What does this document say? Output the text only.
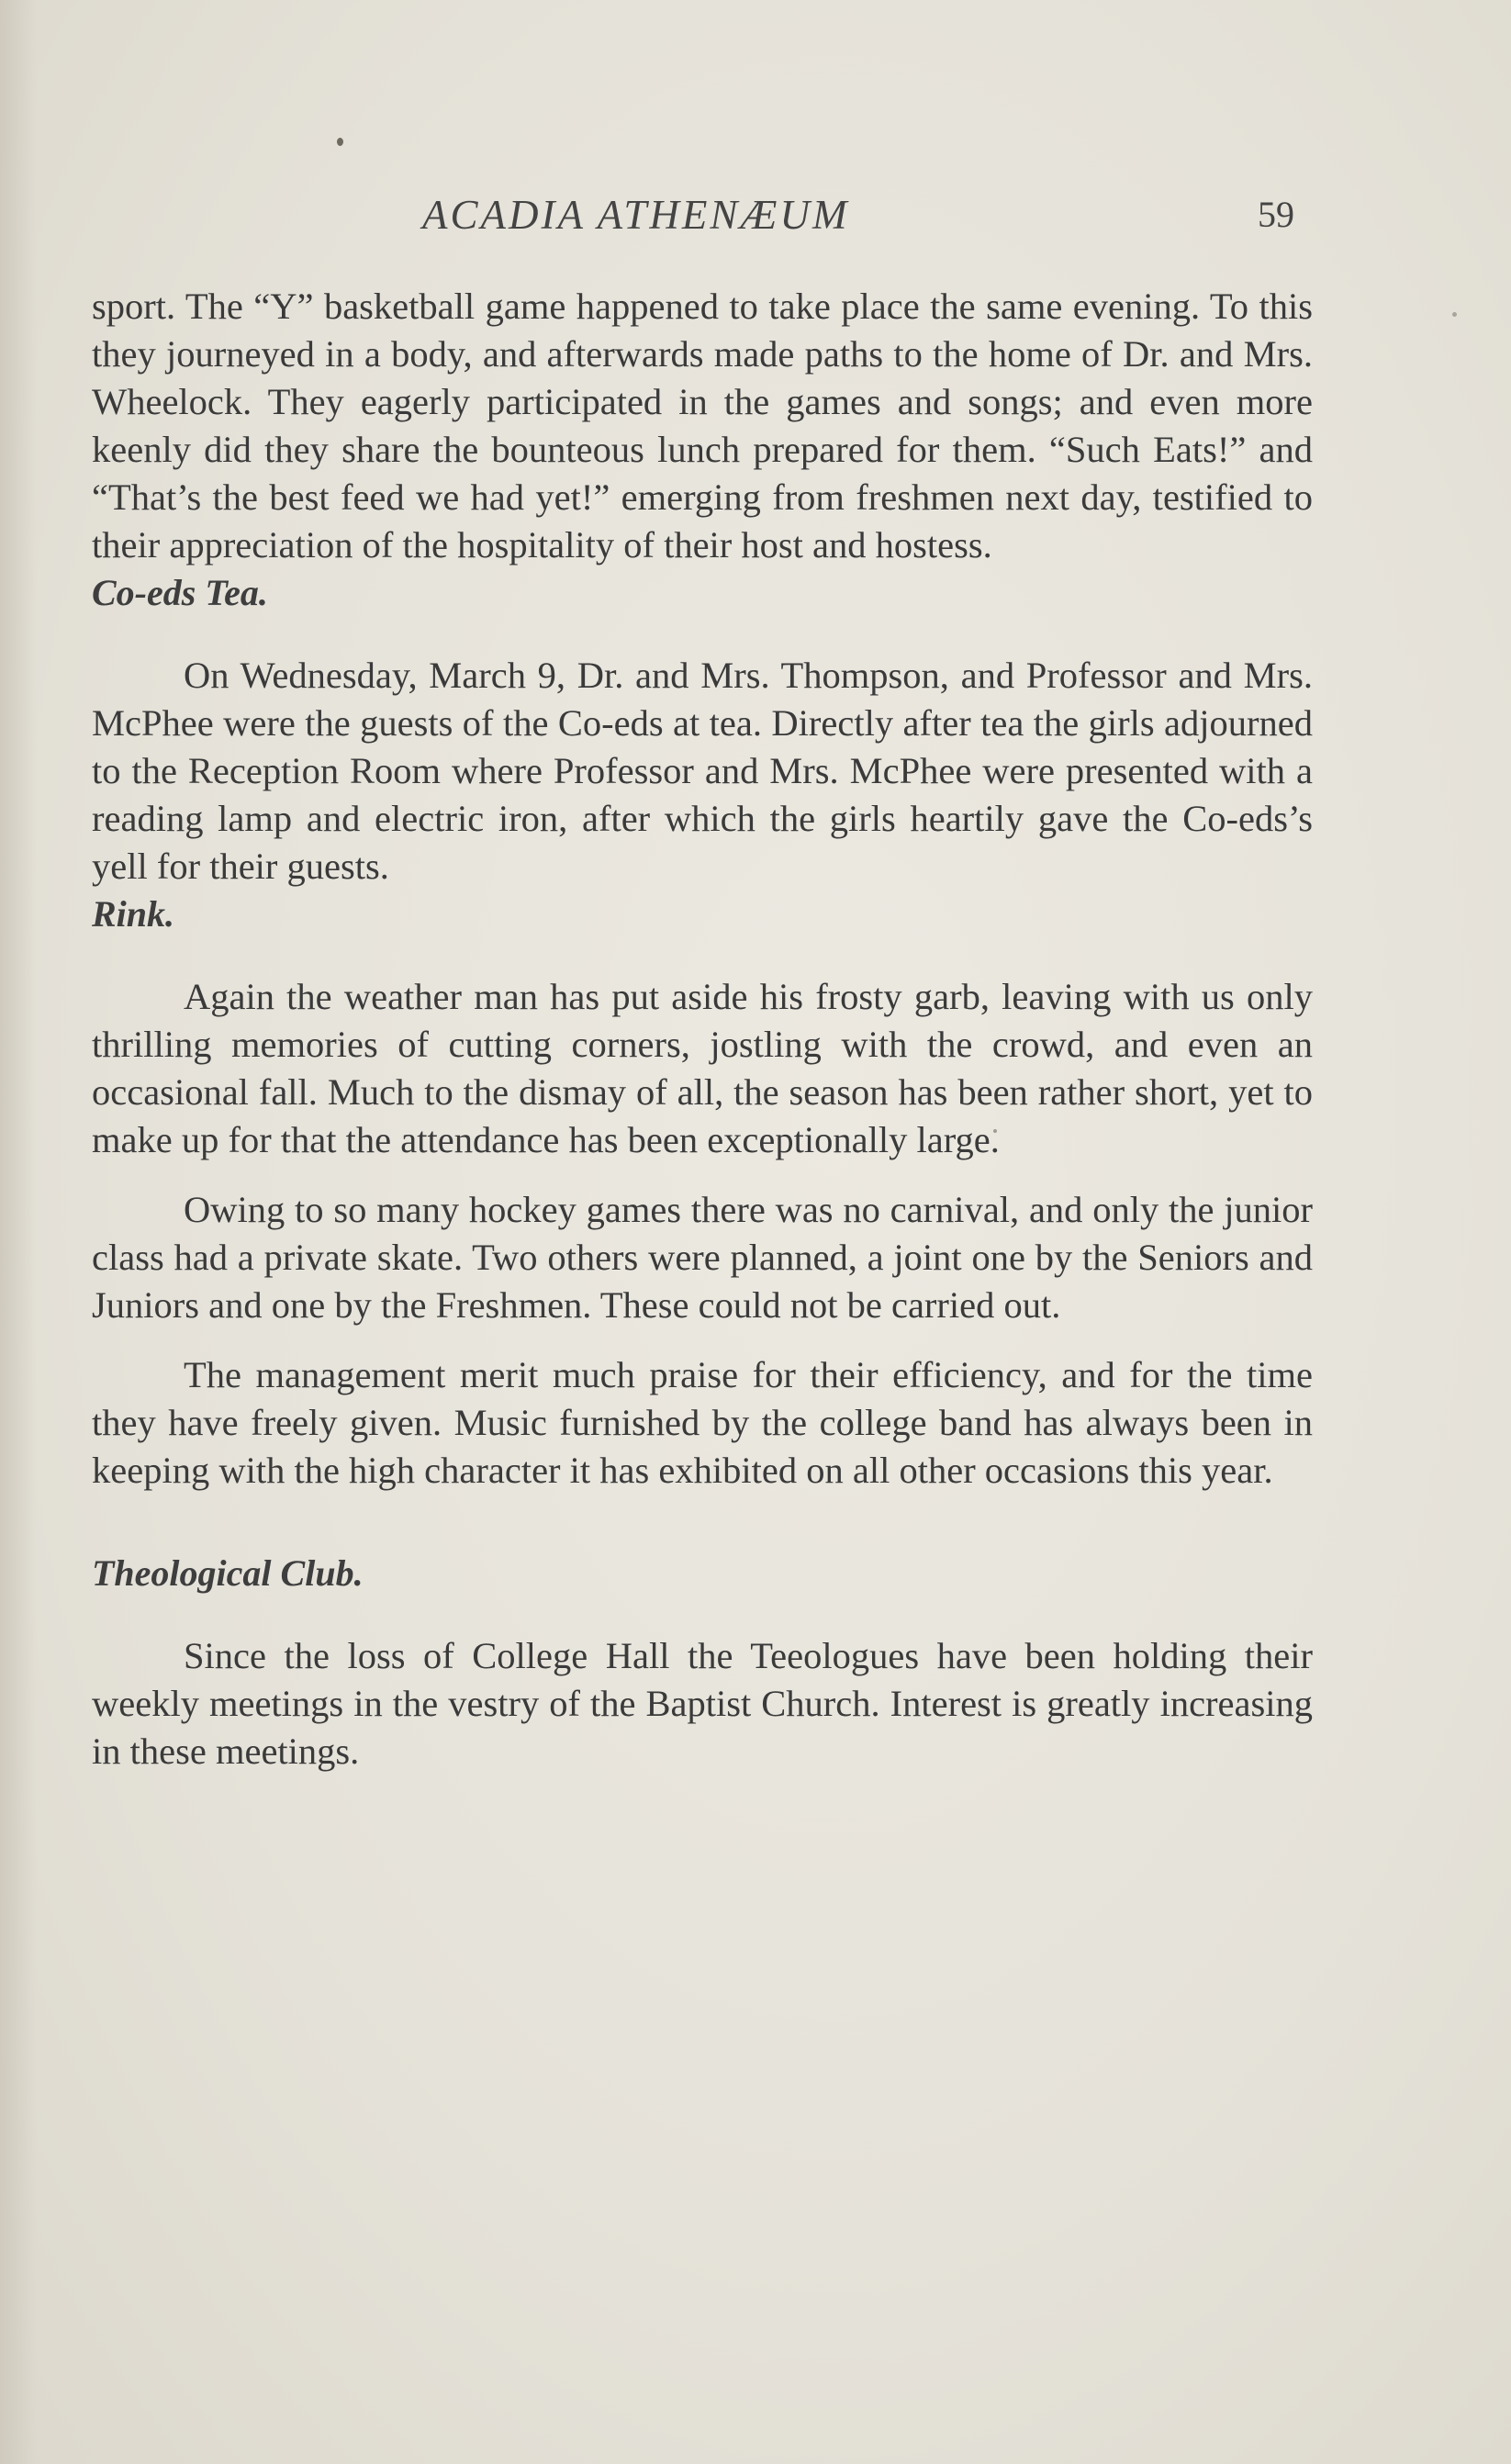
ACADIA ATHENÆUM	59

sport. The “Y” basketball game happened to take place the same evening. To this they journeyed in a body, and afterwards made paths to the home of Dr. and Mrs. Wheelock. They eagerly participated in the games and songs; and even more keenly did they share the bounteous lunch prepared for them. “Such Eats!” and “That’s the best feed we had yet!” emerging from freshmen next day, testified to their appreciation of the hospitality of their host and hostess.

Co-eds Tea.

On Wednesday, March 9, Dr. and Mrs. Thompson, and Professor and Mrs. McPhee were the guests of the Co-eds at tea. Directly after tea the girls adjourned to the Reception Room where Professor and Mrs. McPhee were presented with a reading lamp and electric iron, after which the girls heartily gave the Co-eds’s yell for their guests.

Rink.

Again the weather man has put aside his frosty garb, leaving with us only thrilling memories of cutting corners, jostling with the crowd, and even an occasional fall. Much to the dismay of all, the season has been rather short, yet to make up for that the attendance has been exceptionally large.

Owing to so many hockey games there was no carnival, and only the junior class had a private skate. Two others were planned, a joint one by the Seniors and Juniors and one by the Freshmen. These could not be carried out.

The management merit much praise for their efficiency, and for the time they have freely given. Music furnished by the college band has always been in keeping with the high character it has exhibited on all other occasions this year.

Theological Club.

Since the loss of College Hall the Teeologues have been holding their weekly meetings in the vestry of the Baptist Church. Interest is greatly increasing in these meetings.
